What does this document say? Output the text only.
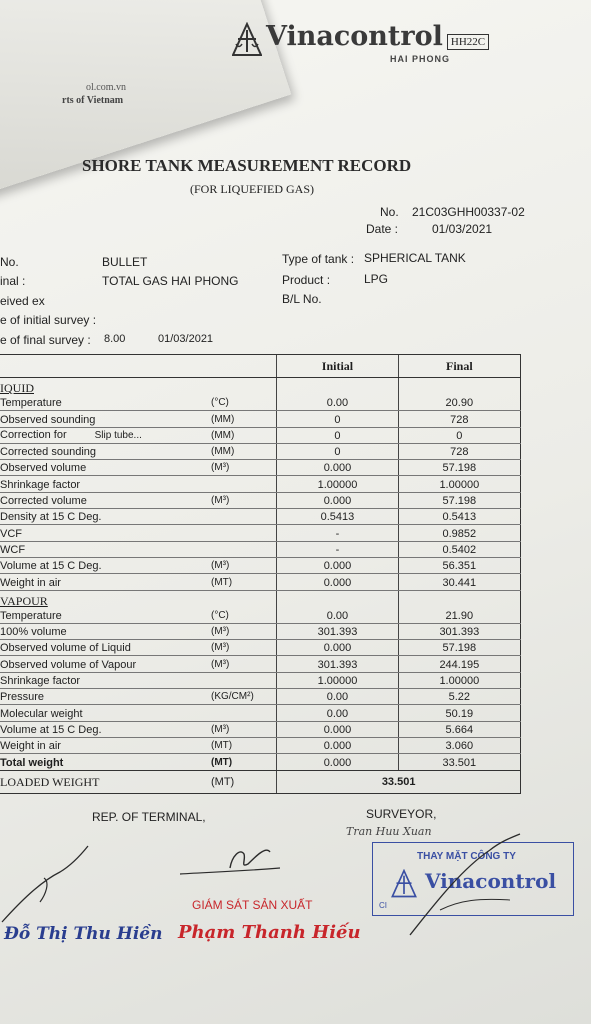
Vinacontrol HH22C
HAI PHONG
ol.com.vn
rts of Vietnam
SHORE TANK MEASUREMENT RECORD
(FOR LIQUEFIED GAS)
No. 21C03GHH00337-02
Date :	01/03/2021
No.	BULLET
inal :	TOTAL GAS HAI PHONG
eived ex
e of initial survey :
e of final survey : 8.00	01/03/2021
Type of tank : SPHERICAL TANK
Product :	LPG
B/L No.
		Initial	Final
IQUID			
Temperature	(°C)	0.00	20.90
Observed sounding	(MM)	0	728
Correction for Slip tube...	(MM)	0	0
Corrected sounding	(MM)	0	728
Observed volume	(M³)	0.000	57.198
Shrinkage factor		1.00000	1.00000
Corrected volume	(M³)	0.000	57.198
Density at 15 C Deg.		0.5413	0.5413
VCF		-	0.9852
WCF		-	0.5402
Volume at 15 C Deg.	(M³)	0.000	56.351
Weight in air	(MT)	0.000	30.441
VAPOUR			
Temperature	(°C)	0.00	21.90
100% volume	(M³)	301.393	301.393
Observed volume of Liquid	(M³)	0.000	57.198
Observed volume of Vapour	(M³)	301.393	244.195
Shrinkage factor		1.00000	1.00000
Pressure	(KG/CM²)	0.00	5.22
Molecular weight		0.00	50.19
Volume at 15 C Deg.	(M³)	0.000	5.664
Weight in air	(MT)	0.000	3.060
Total weight	(MT)	0.000	33.501
LOADED WEIGHT	(MT)	33.501	
REP. OF TERMINAL,	SURVEYOR,
Tran Huu Xuan
GIÁM SÁT SẢN XUẤT
Phạm Thanh Hiếu
Đỗ Thị Thu Hiền
THAY MẶT CÔNG TY
Vinacontrol
CI
